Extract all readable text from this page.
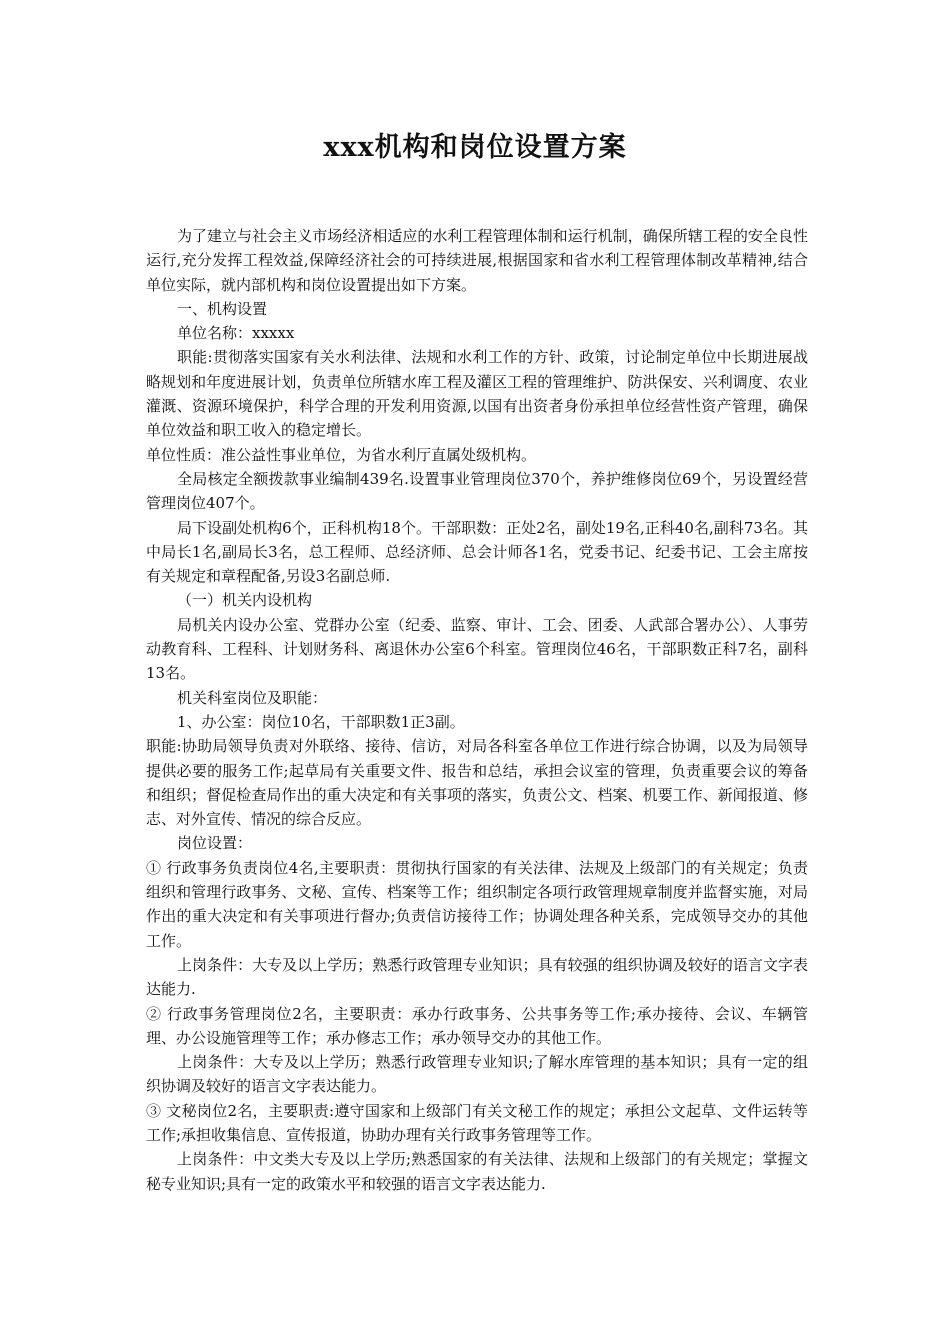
xxx机构和岗位设置方案

为了建立与社会主义市场经济相适应的水利工程管理体制和运行机制，确保所辖工程的安全良性运行,充分发挥工程效益,保障经济社会的可持续进展,根据国家和省水利工程管理体制改革精神,结合单位实际，就内部机构和岗位设置提出如下方案。

一、机构设置

单位名称：xxxxx

职能:贯彻落实国家有关水利法律、法规和水利工作的方针、政策，讨论制定单位中长期进展战略规划和年度进展计划，负责单位所辖水库工程及灌区工程的管理维护、防洪保安、兴利调度、农业灌溉、资源环境保护，科学合理的开发利用资源,以国有出资者身份承担单位经营性资产管理，确保单位效益和职工收入的稳定增长。

单位性质：准公益性事业单位，为省水利厅直属处级机构。

全局核定全额拨款事业编制439名.设置事业管理岗位370个，养护维修岗位69个，另设置经营管理岗位407个。

局下设副处机构6个，正科机构18个。干部职数：正处2名，副处19名,正科40名,副科73名。其中局长1名,副局长3名，总工程师、总经济师、总会计师各1名，党委书记、纪委书记、工会主席按有关规定和章程配备,另设3名副总师.

（一）机关内设机构

局机关内设办公室、党群办公室（纪委、监察、审计、工会、团委、人武部合署办公）、人事劳动教育科、工程科、计划财务科、离退休办公室6个科室。管理岗位46名，干部职数正科7名，副科13名。

机关科室岗位及职能：

1、办公室：岗位10名，干部职数1正3副。

职能:协助局领导负责对外联络、接待、信访，对局各科室各单位工作进行综合协调，以及为局领导提供必要的服务工作;起草局有关重要文件、报告和总结，承担会议室的管理，负责重要会议的筹备和组织；督促检查局作出的重大决定和有关事项的落实，负责公文、档案、机要工作、新闻报道、修志、对外宣传、情况的综合反应。

岗位设置：

① 行政事务负责岗位4名,主要职责：贯彻执行国家的有关法律、法规及上级部门的有关规定；负责组织和管理行政事务、文秘、宣传、档案等工作；组织制定各项行政管理规章制度并监督实施，对局作出的重大决定和有关事项进行督办;负责信访接待工作；协调处理各种关系，完成领导交办的其他工作。

上岗条件：大专及以上学历；熟悉行政管理专业知识；具有较强的组织协调及较好的语言文字表达能力.

② 行政事务管理岗位2名，主要职责：承办行政事务、公共事务等工作;承办接待、会议、车辆管理、办公设施管理等工作；承办修志工作；承办领导交办的其他工作。

上岗条件：大专及以上学历；熟悉行政管理专业知识;了解水库管理的基本知识；具有一定的组织协调及较好的语言文字表达能力。

③ 文秘岗位2名，主要职责:遵守国家和上级部门有关文秘工作的规定；承担公文起草、文件运转等工作;承担收集信息、宣传报道，协助办理有关行政事务管理等工作。

上岗条件：中文类大专及以上学历;熟悉国家的有关法律、法规和上级部门的有关规定；掌握文秘专业知识;具有一定的政策水平和较强的语言文字表达能力.
